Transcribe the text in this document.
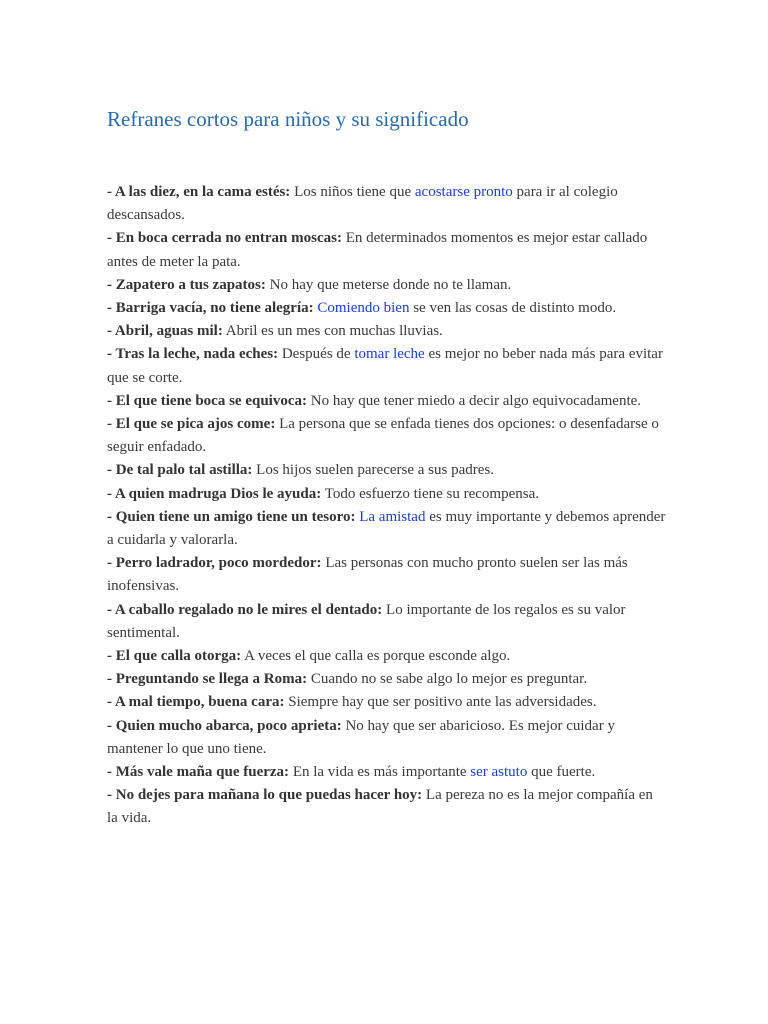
Refranes cortos para niños y su significado
- A las diez, en la cama estés: Los niños tiene que acostarse pronto para ir al colegio descansados.
- En boca cerrada no entran moscas: En determinados momentos es mejor estar callado antes de meter la pata.
- Zapatero a tus zapatos: No hay que meterse donde no te llaman.
- Barriga vacía, no tiene alegría: Comiendo bien se ven las cosas de distinto modo.
- Abril, aguas mil: Abril es un mes con muchas lluvias.
- Tras la leche, nada eches: Después de tomar leche es mejor no beber nada más para evitar que se corte.
- El que tiene boca se equivoca: No hay que tener miedo a decir algo equivocadamente.
- El que se pica ajos come: La persona que se enfada tienes dos opciones: o desenfadarse o seguir enfadado.
- De tal palo tal astilla: Los hijos suelen parecerse a sus padres.
- A quien madruga Dios le ayuda: Todo esfuerzo tiene su recompensa.
- Quien tiene un amigo tiene un tesoro: La amistad es muy importante y debemos aprender a cuidarla y valorarla.
- Perro ladrador, poco mordedor: Las personas con mucho pronto suelen ser las más inofensivas.
- A caballo regalado no le mires el dentado: Lo importante de los regalos es su valor sentimental.
- El que calla otorga: A veces el que calla es porque esconde algo.
- Preguntando se llega a Roma: Cuando no se sabe algo lo mejor es preguntar.
- A mal tiempo, buena cara: Siempre hay que ser positivo ante las adversidades.
- Quien mucho abarca, poco aprieta: No hay que ser abaricioso. Es mejor cuidar y mantener lo que uno tiene.
- Más vale maña que fuerza: En la vida es más importante ser astuto que fuerte.
- No dejes para mañana lo que puedas hacer hoy: La pereza no es la mejor compañía en la vida.
